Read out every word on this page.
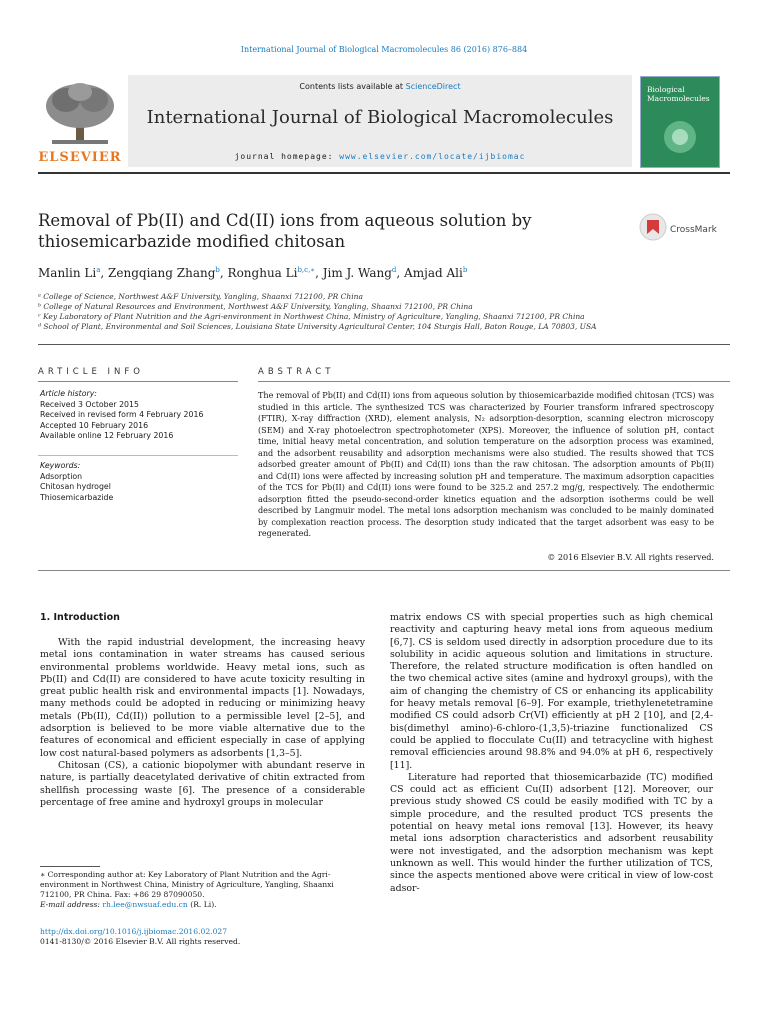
International Journal of Biological Macromolecules 86 (2016) 876–884
ELSEVIER
Contents lists available at ScienceDirect
International Journal of Biological Macromolecules
journal homepage: www.elsevier.com/locate/ijbiomac
Biological Macromolecules
Removal of Pb(II) and Cd(II) ions from aqueous solution by
thiosemicarbazide modified chitosan
CrossMark
Manlin Li$^a$, Zengqiang Zhang$^b$, Ronghua $Li^{b,c,∗}$, Jim J. Wang$^d$, Amjad Ali$^b$
ᵃ College of Science, Northwest A&F University, Yangling, Shaanxi 712100, PR China
ᵇ College of Natural Resources and Environment, Northwest A&F University, Yangling, Shaanxi 712100, PR China
ᶜ Key Laboratory of Plant Nutrition and the Agri-environment in Northwest China, Ministry of Agriculture, Yangling, Shaanxi 712100, PR China
ᵈ School of Plant, Environmental and Soil Sciences, Louisiana State University Agricultural Center, 104 Sturgis Hall, Baton Rouge, LA 70803, USA
ARTICLE INFO	ABSTRACT
Article history:
Received 3 October 2015
Received in revised form 4 February 2016
Accepted 10 February 2016
Available online 12 February 2016
Keywords:
Adsorption
Chitosan hydrogel
Thiosemicarbazide
The removal of Pb(II) and Cd(II) ions from aqueous solution by thiosemicarbazide modified chitosan (TCS) was studied in this article. The synthesized TCS was characterized by Fourier transform infrared spectroscopy (FTIR), X-ray diffraction (XRD), element analysis, N₂ adsorption-desorption, scanning electron microscopy (SEM) and X-ray photoelectron spectrophotometer (XPS). Moreover, the influence of solution pH, contact time, initial heavy metal concentration, and solution temperature on the adsorption process was examined, and the adsorbent reusability and adsorption mechanisms were also studied. The results showed that TCS adsorbed greater amount of Pb(II) and Cd(II) ions than the raw chitosan. The adsorption amounts of Pb(II) and Cd(II) ions were affected by increasing solution pH and temperature. The maximum adsorption capacities of the TCS for Pb(II) and Cd(II) ions were found to be 325.2 and 257.2 mg/g, respectively. The endothermic adsorption fitted the pseudo-second-order kinetics equation and the adsorption isotherms could be well described by Langmuir model. The metal ions adsorption mechanism was concluded to be mainly dominated by complexation reaction process. The desorption study indicated that the target adsorbent was easy to be regenerated.
© 2016 Elsevier B.V. All rights reserved.
1. Introduction

With the rapid industrial development, the increasing heavy metal ions contamination in water streams has caused serious environmental problems worldwide. Heavy metal ions, such as Pb(II) and Cd(II) are considered to have acute toxicity resulting in great public health risk and environmental impacts [1]. Nowadays, many methods could be adopted in reducing or minimizing heavy metals (Pb(II), Cd(II)) pollution to a permissible level [2–5], and adsorption is believed to be more viable alternative due to the features of economical and efficient especially in case of applying low cost natural-based polymers as adsorbents [1,3–5].

Chitosan (CS), a cationic biopolymer with abundant reserve in nature, is partially deacetylated derivative of chitin extracted from shellfish processing waste [6]. The presence of a considerable percentage of free amine and hydroxyl groups in molecular

matrix endows CS with special properties such as high chemical reactivity and capturing heavy metal ions from aqueous medium [6,7]. CS is seldom used directly in adsorption procedure due to its solubility in acidic aqueous solution and limitations in structure. Therefore, the related structure modification is often handled on the two chemical active sites (amine and hydroxyl groups), with the aim of changing the chemistry of CS or enhancing its applicability for heavy metals removal [6–9]. For example, triethylenetetramine modified CS could adsorb Cr(VI) efficiently at pH 2 [10], and [2,4-bis(dimethyl amino)-6-chloro-(1,3,5)-triazine functionalized CS could be applied to flocculate Cu(II) and tetracycline with highest removal efficiencies around 98.8% and 94.0% at pH 6, respectively [11].

Literature had reported that thiosemicarbazide (TC) modified CS could act as efficient Cu(II) adsorbent [12]. Moreover, our previous study showed CS could be easily modified with TC by a simple procedure, and the resulted product TCS presents the potential on heavy metal ions removal [13]. However, its heavy metal ions adsorption characteristics and adsorbent reusability were not investigated, and the adsorption mechanism was kept unknown as well. This would hinder the further utilization of TCS, since the aspects mentioned above were critical in view of low-cost adsor-

∗ Corresponding author at: Key Laboratory of Plant Nutrition and the Agri-environment in Northwest China, Ministry of Agriculture, Yangling, Shaanxi 712100, PR China. Fax: +86 29 87090050.
E-mail address: rh.lee@nwsuaf.edu.cn (R. Li).
http://dx.doi.org/10.1016/j.ijbiomac.2016.02.027
0141-8130/© 2016 Elsevier B.V. All rights reserved.
